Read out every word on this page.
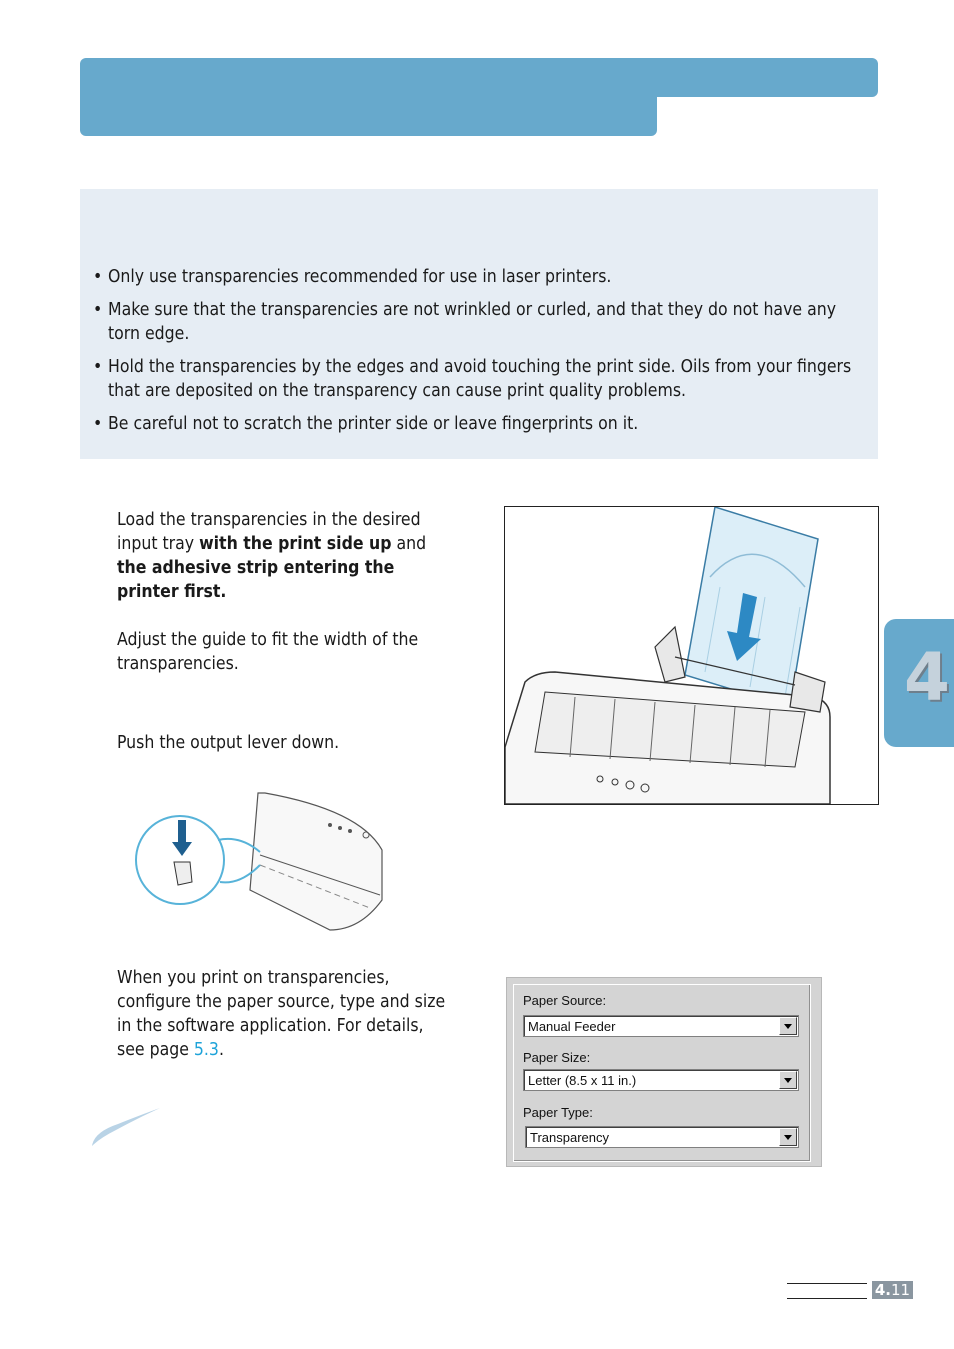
• Only use transparencies recommended for use in laser printers.
• Make sure that the transparencies are not wrinkled or curled, and that they do not have any torn edge.
• Hold the transparencies by the edges and avoid touching the print side. Oils from your fingers that are deposited on the transparency can cause print quality problems.
• Be careful not to scratch the printer side or leave fingerprints on it.
Load the transparencies in the desired input tray with the print side up and the adhesive strip entering the printer first.
Adjust the guide to fit the width of the transparencies.
Push the output lever down.
When you print on transparencies, configure the paper source, type and size in the software application. For details, see page 5.3.
Paper Source:
Manual Feeder
Paper Size:
Letter (8.5 x 11 in.)
Paper Type:
Transparency
4
4.11
